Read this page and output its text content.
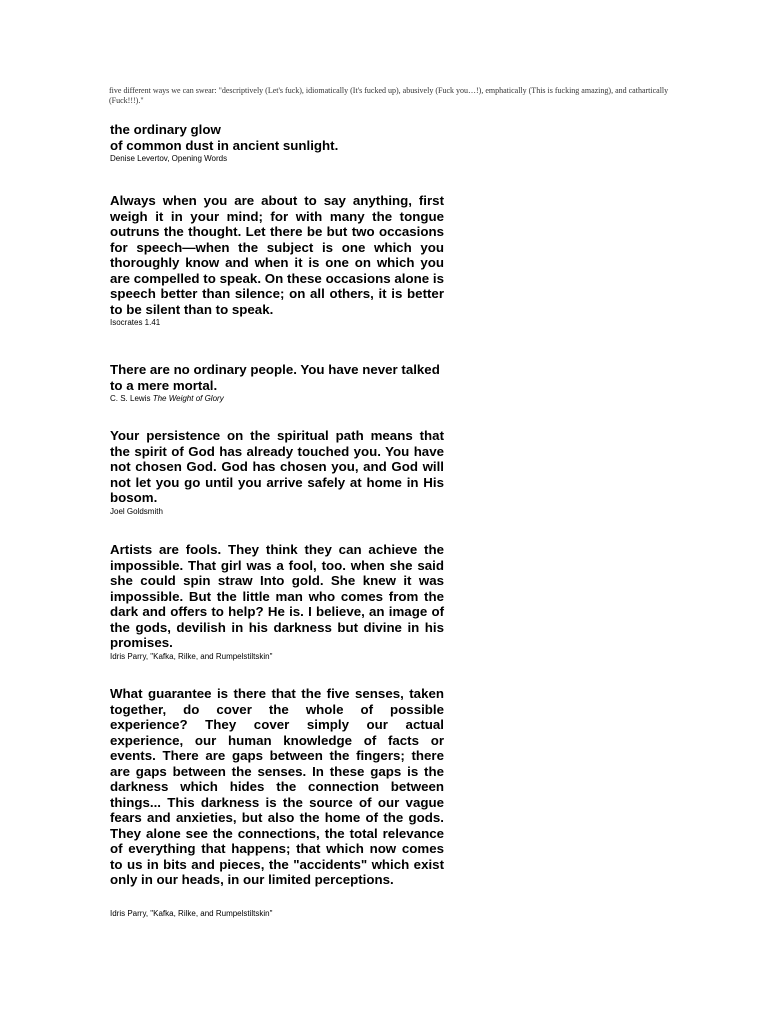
five different ways we can swear: "descriptively (Let's fuck), idiomatically (It's fucked up), abusively (Fuck you…!), emphatically (This is fucking amazing), and cathartically (Fuck!!!)."

the ordinary glow
of common dust in ancient sunlight.

Denise Levertov, Opening Words

Always when you are about to say anything, first weigh it in your mind; for with many the tongue outruns the thought. Let there be but two occasions for speech—when the subject is one which you thoroughly know and when it is one on which you are compelled to speak. On these occasions alone is speech better than silence; on all others, it is better to be silent than to speak.

Isocrates 1.41

There are no ordinary people. You have never talked to a mere mortal.

C. S. Lewis The Weight of Glory

Your persistence on the spiritual path means that the spirit of God has already touched you. You have not chosen God. God has chosen you, and God will not let you go until you arrive safely at home in His bosom.

Joel Goldsmith

Artists are fools. They think they can achieve the impossible. That girl was a fool, too. when she said she could spin straw Into gold. She knew it was impossible. But the little man who comes from the dark and offers to help? He is. I believe, an image of the gods, devilish in his darkness but divine in his promises.

Idris Parry, "Kafka, Rilke, and Rumpelstiltskin"

What guarantee is there that the five senses, taken together, do cover the whole of possible experience? They cover simply our actual experience, our human knowledge of facts or events. There are gaps between the fingers; there are gaps between the senses. In these gaps is the darkness which hides the connection between things... This darkness is the source of our vague fears and anxieties, but also the home of the gods. They alone see the connections, the total relevance of everything that happens; that which now comes to us in bits and pieces, the "accidents" which exist only in our heads, in our limited perceptions.

Idris Parry, "Kafka, Rilke, and Rumpelstiltskin"
